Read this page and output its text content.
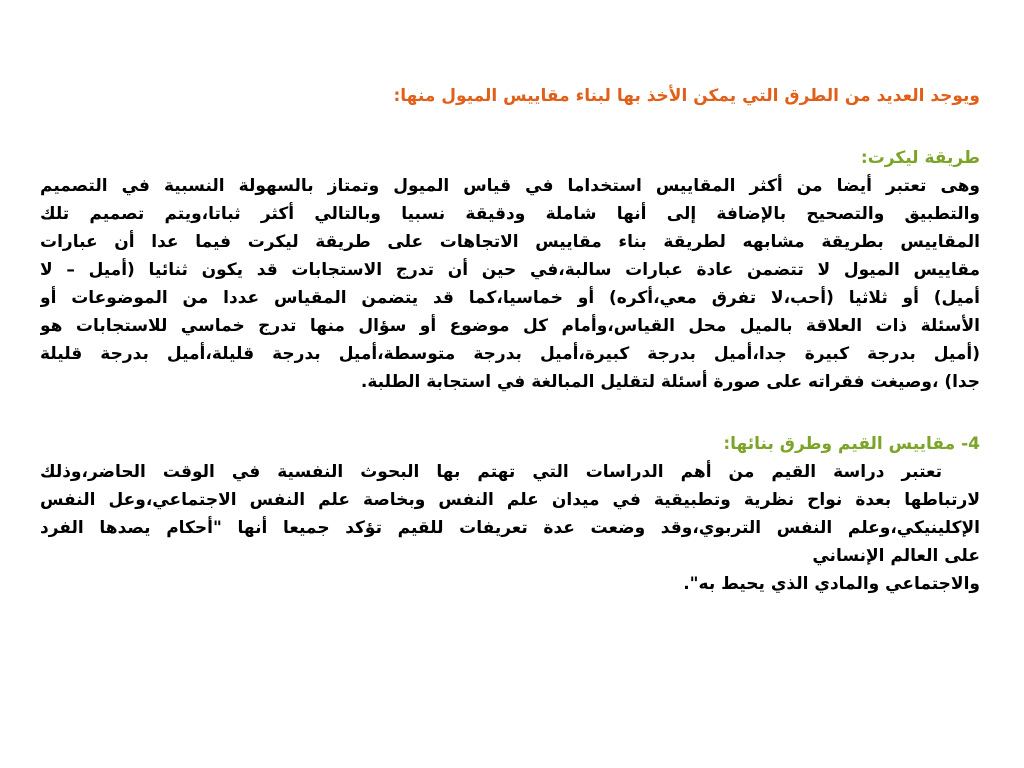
ويوجد العديد من الطرق التي يمكن الأخذ بها لبناء مقاييس الميول منها:
طريقة ليكرت:
وهى تعتبر أيضا من أكثر المقاييس استخداما في قياس الميول وتمتاز بالسهولة النسبية في التصميم
والتطبيق والتصحيح بالإضافة إلى أنها شاملة ودقيقة نسبيا وبالتالي أكثر ثباتا،ويتم تصميم تلك
المقاييس بطريقة مشابهه لطريقة بناء مقاييس الاتجاهات على طريقة ليكرت فيما عدا أن عبارات
مقاييس الميول لا تتضمن عادة عبارات سالبة،في حين أن تدرج الاستجابات قد يكون ثنائيا (أميل – لا
أميل) أو ثلاثيا (أحب،لا تفرق معي،أكره) أو خماسيا،كما قد يتضمن المقياس عددا من الموضوعات أو
الأسئلة ذات العلاقة بالميل محل القياس،وأمام كل موضوع أو سؤال منها تدرج خماسي للاستجابات هو
(أميل بدرجة كبيرة جدا،أميل بدرجة كبيرة،أميل بدرجة متوسطة،أميل بدرجة قليلة،أميل بدرجة قليلة
جدا) ،وصيغت فقراته على صورة أسئلة لتقليل المبالغة في استجابة الطلبة.
4- مقاييس القيم وطرق بنائها:
تعتبر دراسة القيم من أهم الدراسات التي تهتم بها البحوث النفسية في الوقت الحاضر،وذلك
لارتباطها بعدة نواح نظرية وتطبيقية في ميدان علم النفس وبخاصة علم النفس الاجتماعي،وعل النفس
الإكلينيكي،وعلم النفس التربوي،وقد وضعت عدة تعريفات للقيم تؤكد جميعا أنها "أحكام يصدها الفرد
على العالم الإنساني
والاجتماعي والمادي الذي يحيط به".
